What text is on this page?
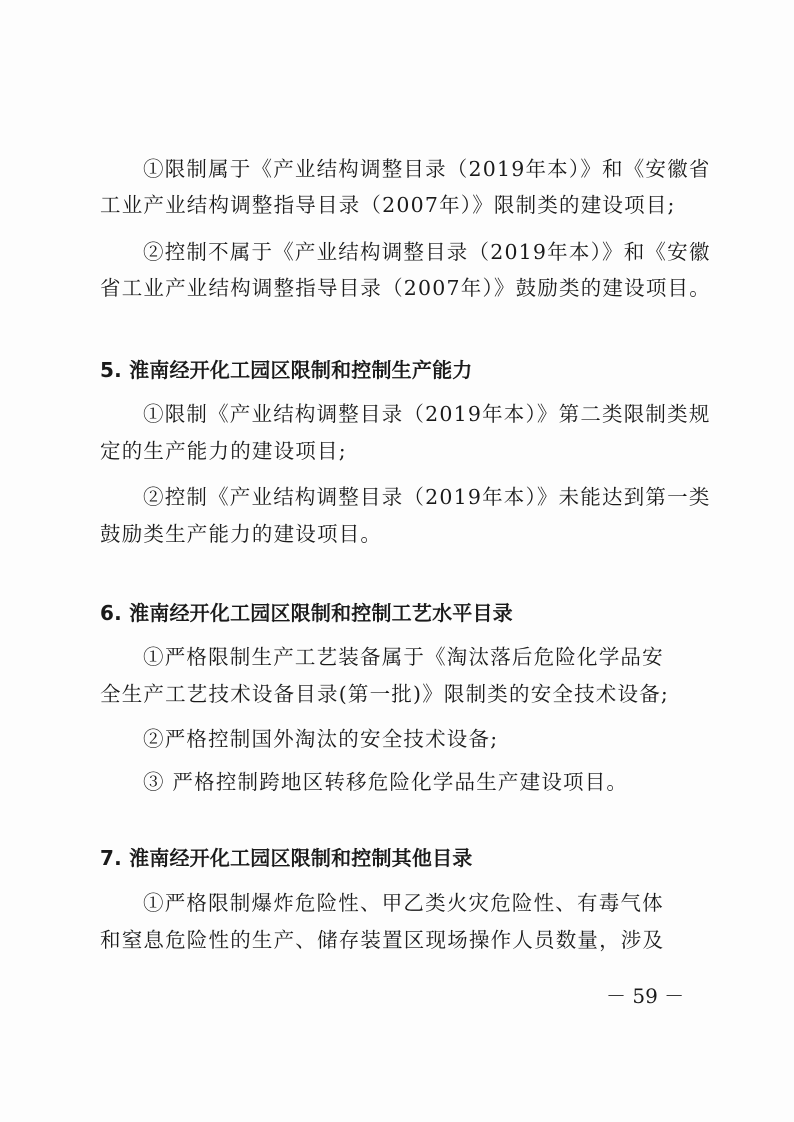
①限制属于《产业结构调整目录（2019年本）》和《安徽省
工业产业结构调整指导目录（2007年）》限制类的建设项目;
②控制不属于《产业结构调整目录（2019年本）》和《安徽
省工业产业结构调整指导目录（2007年）》鼓励类的建设项目。
5. 淮南经开化工园区限制和控制生产能力
①限制《产业结构调整目录（2019年本）》第二类限制类规
定的生产能力的建设项目;
②控制《产业结构调整目录（2019年本）》未能达到第一类
鼓励类生产能力的建设项目。
6. 淮南经开化工园区限制和控制工艺水平目录
①严格限制生产工艺装备属于《淘汰落后危险化学品安
全生产工艺技术设备目录(第一批)》限制类的安全技术设备;
②严格控制国外淘汰的安全技术设备;
③ 严格控制跨地区转移危险化学品生产建设项目。
7. 淮南经开化工园区限制和控制其他目录
①严格限制爆炸危险性、甲乙类火灾危险性、有毒气体
和窒息危险性的生产、储存装置区现场操作人员数量，涉及
－ 59 －
